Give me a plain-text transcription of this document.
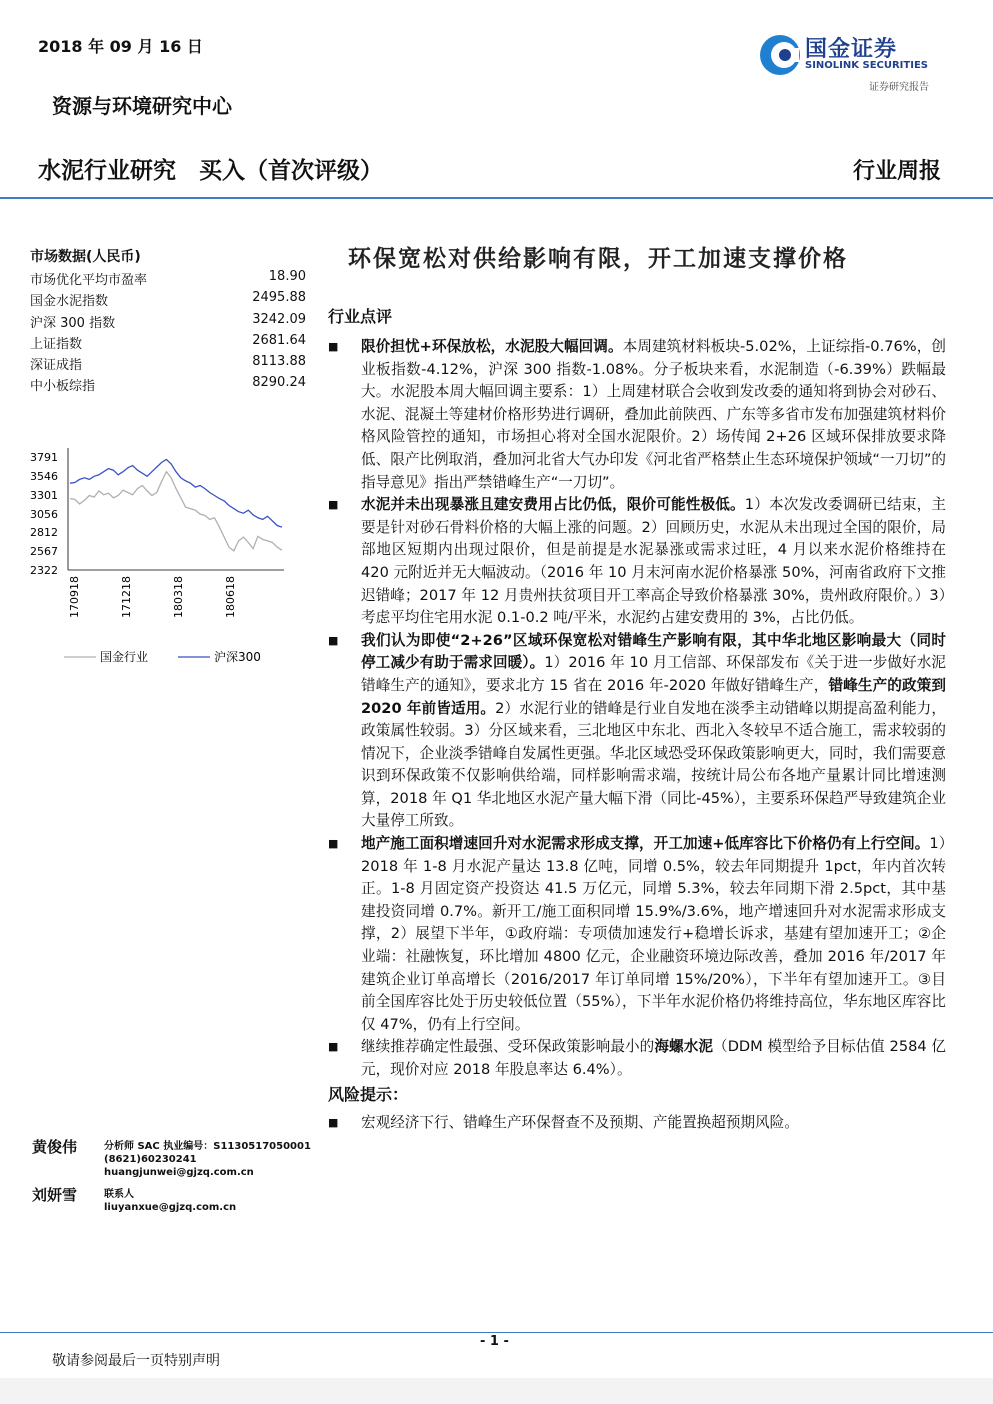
2018 年 09 月 16 日	国金证券
SINOLINK SECURITIES
证券研究报告
资源与环境研究中心
水泥行业研究　买入（首次评级）	行业周报
市场数据(人民币)
市场优化平均市盈率	18.90
国金水泥指数	2495.88
沪深 300 指数	3242.09
上证指数	2681.64
深证成指	8113.88
中小板综指	8290.24
3791
3546
3301
3056
2812
2567
2322
170918	171218	180318	180618
国金行业	沪深300
黄俊伟	分析师 SAC 执业编号：S1130517050001
(8621)60230241
huangjunwei@gjzq.com.cn
刘妍雪	联系人
liuyanxue@gjzq.com.cn
环保宽松对供给影响有限，开工加速支撑价格
行业点评
■ 限价担忧+环保放松，水泥股大幅回调。本周建筑材料板块-5.02%，上证综指-0.76%，创业板指数-4.12%，沪深 300 指数-1.08%。分子板块来看，水泥制造（-6.39%）跌幅最大。水泥股本周大幅回调主要系：1）上周建材联合会收到发改委的通知将到协会对砂石、水泥、混凝土等建材价格形势进行调研，叠加此前陕西、广东等多省市发布加强建筑材料价格风险管控的通知，市场担心将对全国水泥限价。2）场传闻 2+26 区域环保排放要求降低、限产比例取消，叠加河北省大气办印发《河北省严格禁止生态环境保护领域“一刀切”的指导意见》指出严禁错峰生产“一刀切”。
■ 水泥并未出现暴涨且建安费用占比仍低，限价可能性极低。1）本次发改委调研已结束，主要是针对砂石骨料价格的大幅上涨的问题。2）回顾历史，水泥从未出现过全国的限价，局部地区短期内出现过限价，但是前提是水泥暴涨或需求过旺，4 月以来水泥价格维持在 420 元附近并无大幅波动。（2016 年 10 月末河南水泥价格暴涨 50%，河南省政府下文推迟错峰；2017 年 12 月贵州扶贫项目开工率高企导致价格暴涨 30%，贵州政府限价。）3）考虑平均住宅用水泥 0.1-0.2 吨/平米，水泥约占建安费用的 3%，占比仍低。
■ 我们认为即使“2+26”区域环保宽松对错峰生产影响有限，其中华北地区影响最大（同时停工减少有助于需求回暖）。1）2016 年 10 月工信部、环保部发布《关于进一步做好水泥错峰生产的通知》，要求北方 15 省在 2016 年-2020 年做好错峰生产，错峰生产的政策到 2020 年前皆适用。2）水泥行业的错峰是行业自发地在淡季主动错峰以期提高盈利能力，政策属性较弱。3）分区域来看，三北地区中东北、西北入冬较早不适合施工，需求较弱的情况下，企业淡季错峰自发属性更强。华北区域恐受环保政策影响更大，同时，我们需要意识到环保政策不仅影响供给端，同样影响需求端，按统计局公布各地产量累计同比增速测算，2018 年 Q1 华北地区水泥产量大幅下滑（同比-45%），主要系环保趋严导致建筑企业大量停工所致。
■ 地产施工面积增速回升对水泥需求形成支撑，开工加速+低库容比下价格仍有上行空间。1）2018 年 1-8 月水泥产量达 13.8 亿吨，同增 0.5%，较去年同期提升 1pct，年内首次转正。1-8 月固定资产投资达 41.5 万亿元，同增 5.3%，较去年同期下滑 2.5pct，其中基建投资同增 0.7%。新开工/施工面积同增 15.9%/3.6%，地产增速回升对水泥需求形成支撑，2）展望下半年，①政府端：专项债加速发行+稳增长诉求，基建有望加速开工；②企业端：社融恢复，环比增加 4800 亿元，企业融资环境边际改善，叠加 2016 年/2017 年建筑企业订单高增长（2016/2017 年订单同增 15%/20%），下半年有望加速开工。③目前全国库容比处于历史较低位置（55%），下半年水泥价格仍将维持高位，华东地区库容比仅 47%，仍有上行空间。
■ 继续推荐确定性最强、受环保政策影响最小的海螺水泥（DDM 模型给予目标估值 2584 亿元，现价对应 2018 年股息率达 6.4%）。
风险提示：
■ 宏观经济下行、错峰生产环保督查不及预期、产能置换超预期风险。
- 1 -
敬请参阅最后一页特别声明
